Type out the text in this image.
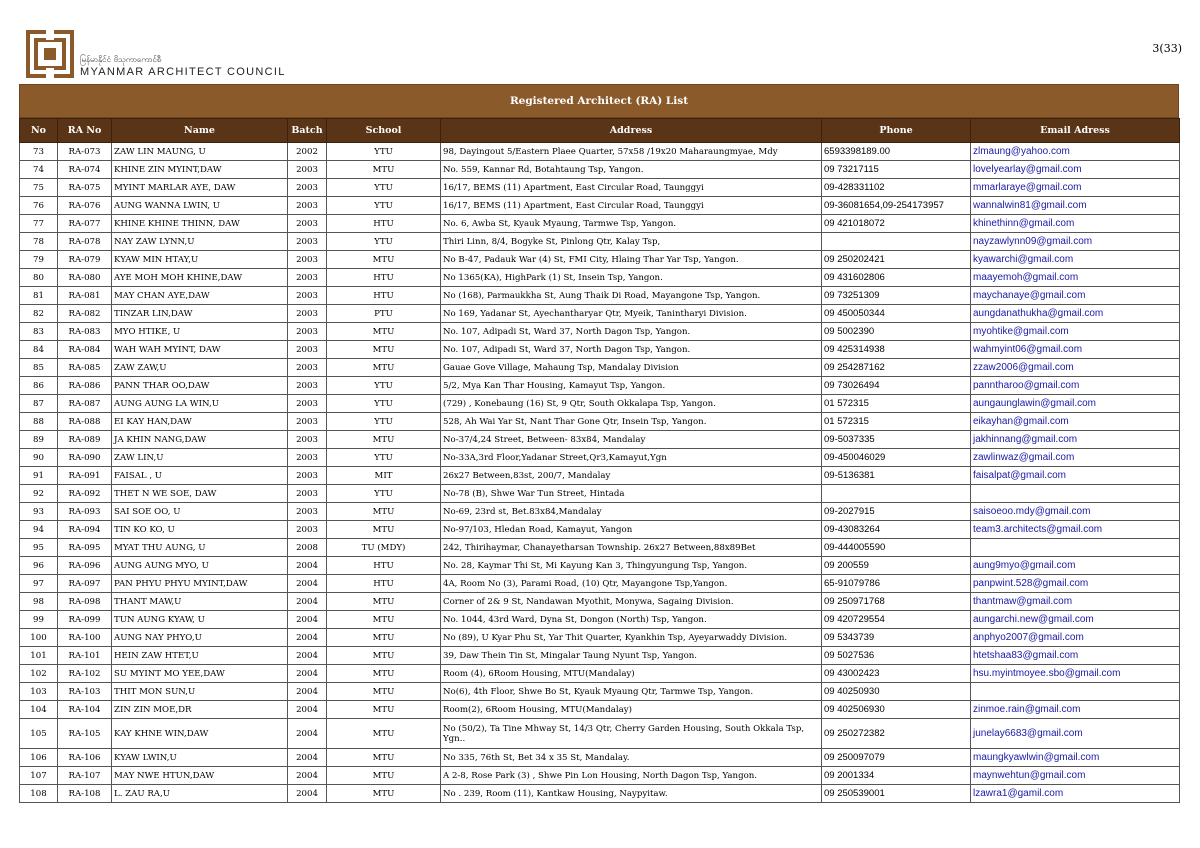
မြန်မာနိုင်ငံ ဗိသုကာကောင်စီ
MYANMAR ARCHITECT COUNCIL
3(33)
Registered Architect (RA) List
No	RA No	Name	Batch	School	Address	Phone	Email Adress
73	RA-073	ZAW LIN MAUNG, U	2002	YTU	98, Dayingout 5/Eastern Plaee Quarter, 57x58 /19x20 Maharaungmyae, Mdy	6593398189.00	zlmaung@yahoo.com
74	RA-074	KHINE ZIN MYINT,DAW	2003	MTU	No. 559, Kannar Rd, Botahtaung Tsp, Yangon.	09 73217115	lovelyearlay@gmail.com
75	RA-075	MYINT MARLAR AYE, DAW	2003	YTU	16/17, BEMS (11) Apartment, East Circular Road, Taunggyi	09-428331102	mmarlaraye@gmail.com
76	RA-076	AUNG WANNA LWIN, U	2003	YTU	16/17, BEMS (11) Apartment, East Circular Road, Taunggyi	09-36081654,09-254173957	wannalwin81@gmail.com
77	RA-077	KHINE KHINE THINN, DAW	2003	HTU	No. 6, Awba St, Kyauk Myaung, Tarmwe Tsp, Yangon.	09 421018072	khinethinn@gmail.com
78	RA-078	NAY ZAW LYNN,U	2003	YTU	Thiri Linn, 8/4, Bogyke St, Pinlong Qtr, Kalay Tsp,		nayzawlynn09@gmail.com
79	RA-079	KYAW MIN HTAY,U	2003	MTU	No B-47, Padauk War (4) St, FMI City, Hlaing Thar Yar Tsp, Yangon.	09 250202421	kyawarchi@gmail.com
80	RA-080	AYE MOH MOH KHINE,DAW	2003	HTU	No 1365(KA), HighPark (1) St, Insein Tsp, Yangon.	09 431602806	maayemoh@gmail.com
81	RA-081	MAY CHAN AYE,DAW	2003	HTU	No (168), Parmaukkha St, Aung Thaik Di Road, Mayangone Tsp, Yangon.	09 73251309	maychanaye@gmail.com
82	RA-082	TINZAR LIN,DAW	2003	PTU	No 169, Yadanar St, Ayechantharyar Qtr, Myeik, Tanintharyi Division.	09 450050344	aungdanathukha@gmail.com
83	RA-083	MYO HTIKE, U	2003	MTU	No. 107, Adipadi St, Ward 37, North Dagon Tsp, Yangon.	09 5002390	myohtike@gmail.com
84	RA-084	WAH WAH MYINT, DAW	2003	MTU	No. 107, Adipadi St, Ward 37, North Dagon Tsp, Yangon.	09 425314938	wahmyint06@gmail.com
85	RA-085	ZAW ZAW,U	2003	MTU	Gauae Gove Village, Mahaung Tsp, Mandalay Division	09 254287162	zzaw2006@gmail.com
86	RA-086	PANN THAR OO,DAW	2003	YTU	5/2, Mya Kan Thar Housing, Kamayut Tsp, Yangon.	09 73026494	panntharoo@gmail.com
87	RA-087	AUNG AUNG LA WIN,U	2003	YTU	(729) , Konebaung (16) St, 9 Qtr, South Okkalapa Tsp, Yangon.	01 572315	aungaunglawin@gmail.com
88	RA-088	EI KAY HAN,DAW	2003	YTU	528, Ah Wai Yar St, Nant Thar Gone Qtr, Insein Tsp, Yangon.	01 572315	eikayhan@gmail.com
89	RA-089	JA KHIN NANG,DAW	2003	MTU	No-37/4,24 Street, Between- 83x84, Mandalay	09-5037335	jakhinnang@gmail.com
90	RA-090	ZAW LIN,U	2003	YTU	No-33A,3rd Floor,Yadanar Street,Qr3,Kamayut,Ygn	09-450046029	zawlinwaz@gmail.com
91	RA-091	FAISAL , U	2003	MIT	26x27 Between,83st, 200/7, Mandalay	09-5136381	faisalpat@gmail.com
92	RA-092	THET N WE SOE, DAW	2003	YTU	No-78 (B), Shwe War Tun Street, Hintada		
93	RA-093	SAI SOE OO, U	2003	MTU	No-69, 23rd st, Bet.83x84,Mandalay	09-2027915	saisoeoo.mdy@gmail.com
94	RA-094	TIN KO KO, U	2003	MTU	No-97/103, Hledan Road, Kamayut, Yangon	09-43083264	team3.architects@gmail.com
95	RA-095	MYAT THU AUNG, U	2008	TU (MDY)	242, Thirihaymar, Chanayetharsan Township. 26x27 Between,88x89Bet	09-444005590	
96	RA-096	AUNG AUNG MYO, U	2004	HTU	No. 28, Kaymar Thi St, Mi Kayung Kan 3, Thingyungung Tsp, Yangon.	09 200559	aung9myo@gmail.com
97	RA-097	PAN PHYU PHYU MYINT,DAW	2004	HTU	4A, Room No (3), Parami Road, (10) Qtr, Mayangone Tsp,Yangon.	65-91079786	panpwint.528@gmail.com
98	RA-098	THANT MAW,U	2004	MTU	Corner of 2& 9 St, Nandawan Myothit, Monywa, Sagaing Division.	09 250971768	thantmaw@gmail.com
99	RA-099	TUN AUNG KYAW, U	2004	MTU	No. 1044, 43rd Ward, Dyna St, Dongon (North) Tsp, Yangon.	09 420729554	aungarchi.new@gmail.com
100	RA-100	AUNG NAY PHYO,U	2004	MTU	No (89), U Kyar Phu St, Yar Thit Quarter, Kyankhin Tsp, Ayeyarwaddy Division.	09 5343739	anphyo2007@gmail.com
101	RA-101	HEIN ZAW HTET,U	2004	MTU	39, Daw Thein Tin St, Mingalar Taung Nyunt Tsp, Yangon.	09 5027536	htetshaa83@gmail.com
102	RA-102	SU MYINT MO YEE,DAW	2004	MTU	Room (4), 6Room Housing, MTU(Mandalay)	09 43002423	hsu.myintmoyee.sbo@gmail.com
103	RA-103	THIT MON SUN,U	2004	MTU	No(6), 4th Floor, Shwe Bo St, Kyauk Myaung Qtr, Tarmwe Tsp, Yangon.	09 40250930	
104	RA-104	ZIN ZIN MOE,DR	2004	MTU	Room(2), 6Room Housing, MTU(Mandalay)	09 402506930	zinmoe.rain@gmail.com
105	RA-105	KAY KHNE WIN,DAW	2004	MTU	No (50/2), Ta Tine Mhway St, 14/3 Qtr, Cherry Garden Housing, South Okkala Tsp, Ygn..	09 250272382	junelay6683@gmail.com
106	RA-106	KYAW LWIN,U	2004	MTU	No 335, 76th St, Bet 34 x 35 St, Mandalay.	09 250097079	maungkyawlwin@gmail.com
107	RA-107	MAY NWE HTUN,DAW	2004	MTU	A 2-8, Rose Park (3) , Shwe Pin Lon Housing, North Dagon Tsp, Yangon.	09 2001334	maynwehtun@gmail.com
108	RA-108	L. ZAU RA,U	2004	MTU	No . 239, Room (11), Kantkaw Housing, Naypyitaw.	09 250539001	lzawra1@gamil.com
